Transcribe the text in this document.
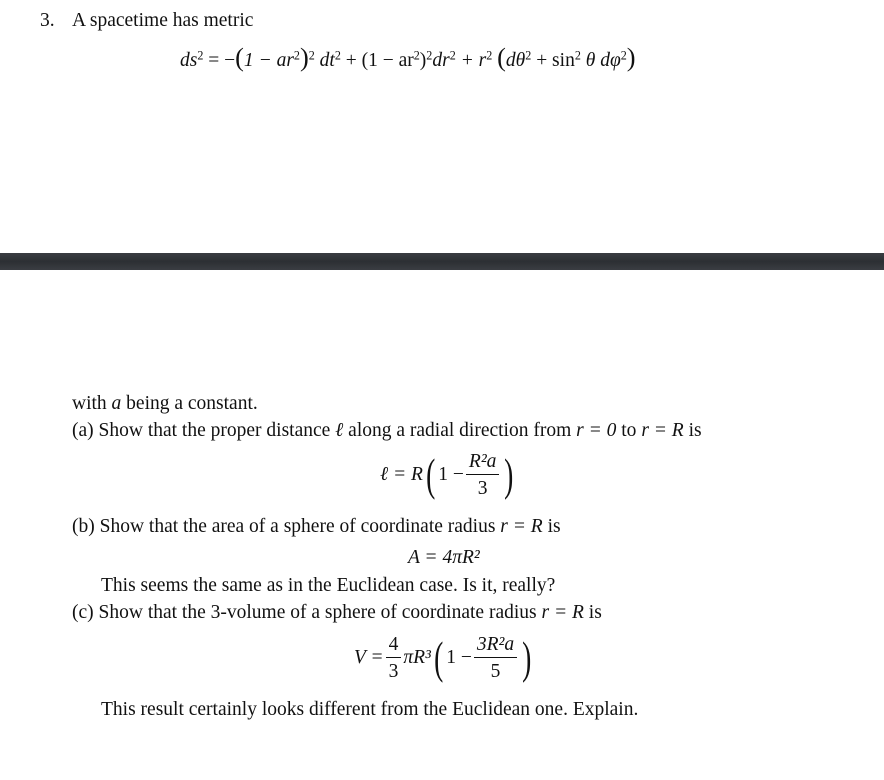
3. A spacetime has metric
$ds^2 = -(1 - ar^2)^2$ $dt^2 + (1 - ar^2)^2dr^2 + r^2$ ($d\theta^2 + \sin^2 \theta$ $d\varphi^2$)
with a being a constant.
(a) Show that the proper distance ℓ along a radial direction from r = 0 to r = R is
ℓ = R ( $1 - \frac{\text{R²a}}{3}$ )
(b) Show that the area of a sphere of coordinate radius r = R is
A = 4πR²
This seems the same as in the Euclidean case. Is it, really?
(c) Show that the 3-volume of a sphere of coordinate radius r = R is
$V = \frac{4}{3} \pi R^3$ ( $1 - \frac{\text{3R²a}}{5}$ )
This result certainly looks different from the Euclidean one. Explain.
